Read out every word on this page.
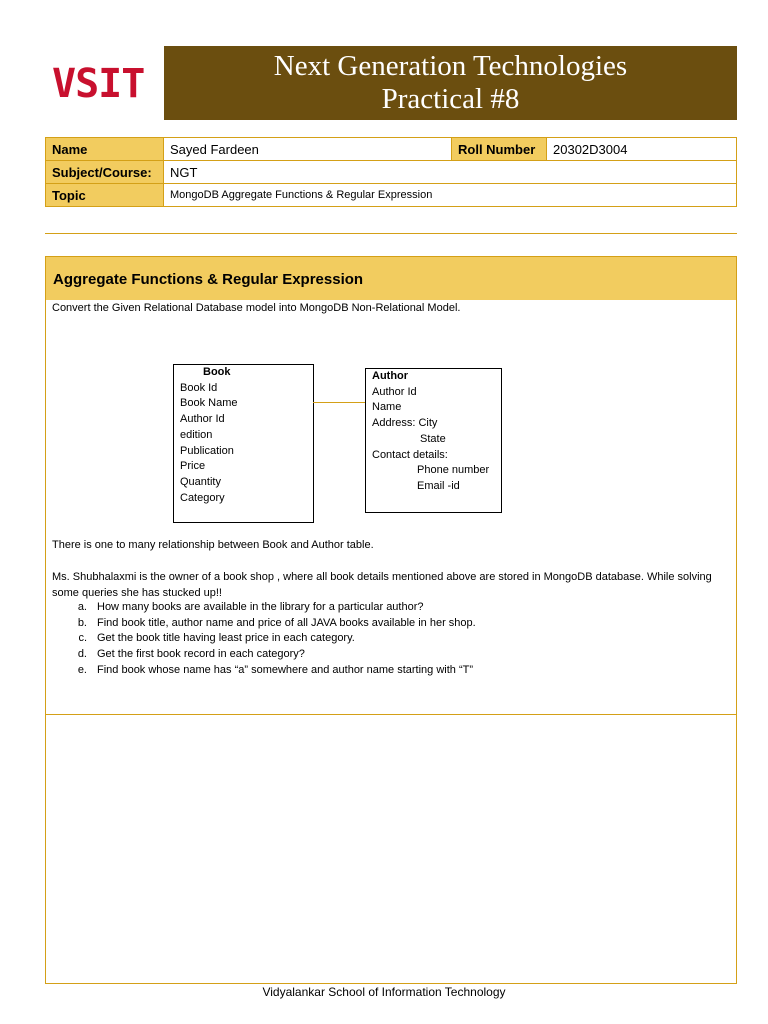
VSIT	Next Generation Technologies
Practical #8
Name	Sayed Fardeen	Roll Number	20302D3004
Subject/Course:	NGT		
Topic	MongoDB Aggregate Functions & Regular Expression		
Aggregate Functions & Regular Expression
Convert the Given Relational Database model into MongoDB Non-Relational Model.
Book
Book Id
Book Name
Author Id
edition
Publication
Price
Quantity
Category
Author
Author Id
Name
Address: City
State
Contact details:
Phone number
Email -id
There is one to many relationship between Book and Author table.
Ms. Shubhalaxmi is the owner of a book shop , where all book details mentioned above are stored in MongoDB database. While solving some queries she has stucked up!!
a. How many books are available in the library for a particular author?
b. Find book title, author name and price of all JAVA books available in her shop.
c. Get the book title having least price in each category.
d. Get the first book record in each category?
e. Find book whose name has “a” somewhere and author name starting with “T”
Vidyalankar School of Information Technology
